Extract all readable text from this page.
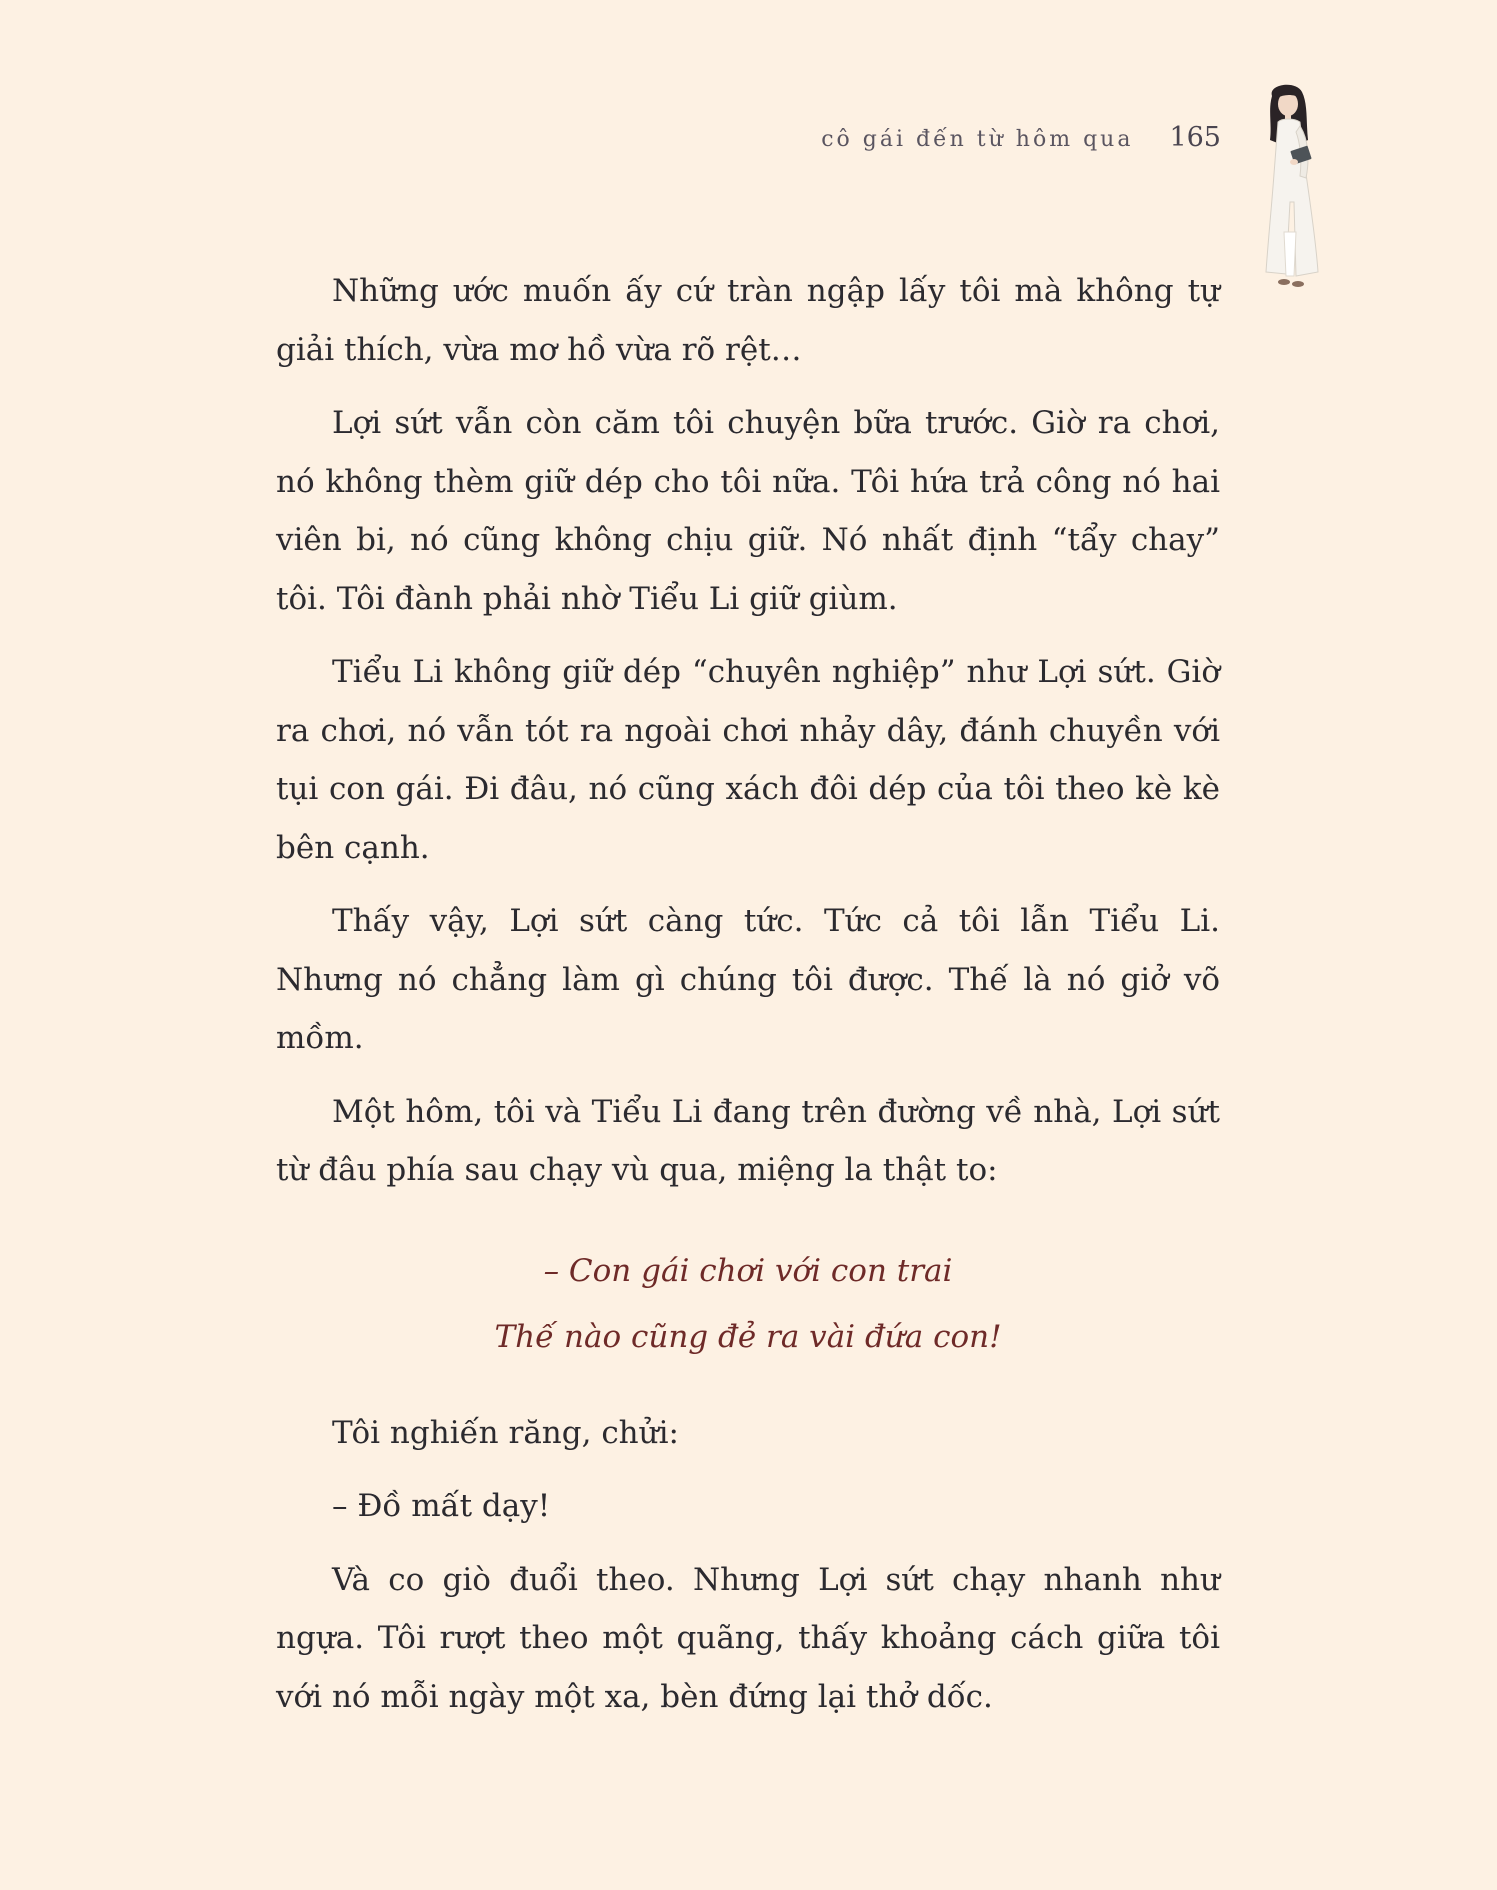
cô gái đến từ hôm qua 165

Những ước muốn ấy cứ tràn ngập lấy tôi mà không tự giải thích, vừa mơ hồ vừa rõ rệt…

Lợi sứt vẫn còn căm tôi chuyện bữa trước. Giờ ra chơi, nó không thèm giữ dép cho tôi nữa. Tôi hứa trả công nó hai viên bi, nó cũng không chịu giữ. Nó nhất định “tẩy chay” tôi. Tôi đành phải nhờ Tiểu Li giữ giùm.

Tiểu Li không giữ dép “chuyên nghiệp” như Lợi sứt. Giờ ra chơi, nó vẫn tót ra ngoài chơi nhảy dây, đánh chuyền với tụi con gái. Đi đâu, nó cũng xách đôi dép của tôi theo kè kè bên cạnh.

Thấy vậy, Lợi sứt càng tức. Tức cả tôi lẫn Tiểu Li. Nhưng nó chẳng làm gì chúng tôi được. Thế là nó giở võ mồm.

Một hôm, tôi và Tiểu Li đang trên đường về nhà, Lợi sứt từ đâu phía sau chạy vù qua, miệng la thật to:

– Con gái chơi với con trai
Thế nào cũng đẻ ra vài đứa con!

Tôi nghiến răng, chửi:

– Đồ mất dạy!

Và co giò đuổi theo. Nhưng Lợi sứt chạy nhanh như ngựa. Tôi rượt theo một quãng, thấy khoảng cách giữa tôi với nó mỗi ngày một xa, bèn đứng lại thở dốc.
